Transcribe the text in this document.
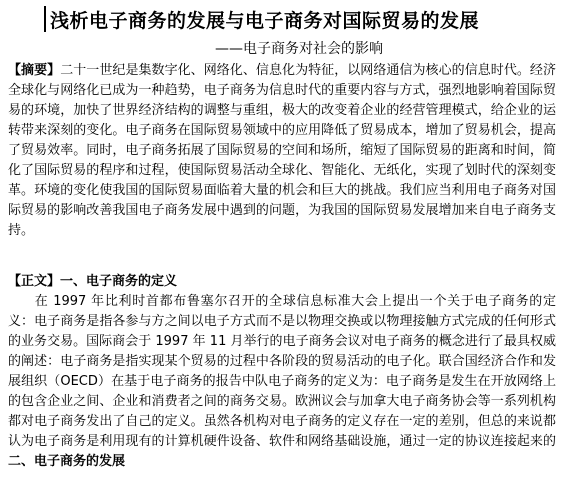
浅析电子商务的发展与电子商务对国际贸易的发展
——电子商务对社会的影响
【摘要】二十一世纪是集数字化、网络化、信息化为特征，以网络通信为核心的信息时代。经济全球化与网络化已成为一种趋势，电子商务为信息时代的重要内容与方式，强烈地影响着国际贸易的环境，加快了世界经济结构的调整与重组，极大的改变着企业的经营管理模式，给企业的运转带来深刻的变化。电子商务在国际贸易领域中的应用降低了贸易成本，增加了贸易机会，提高了贸易效率。同时，电子商务拓展了国际贸易的空间和场所，缩短了国际贸易的距离和时间，简化了国际贸易的程序和过程，使国际贸易活动全球化、智能化、无纸化，实现了划时代的深刻变革。环境的变化使我国的国际贸易面临着大量的机会和巨大的挑战。我们应当利用电子商务对国际贸易的影响改善我国电子商务发展中遇到的问题，为我国的国际贸易发展增加来自电子商务支持。
【正文】一、电子商务的定义
在 1997 年比利时首都布鲁塞尔召开的全球信息标准大会上提出一个关于电子商务的定义：电子商务是指各参与方之间以电子方式而不是以物理交换或以物理接触方式完成的任何形式的业务交易。国际商会于 1997 年 11 月举行的电子商务会议对电子商务的概念进行了最具权威的阐述：电子商务是指实现某个贸易的过程中各阶段的贸易活动的电子化。联合国经济合作和发展组织（OECD）在基于电子商务的报告中队电子商务的定义为：电子商务是发生在开放网络上的包含企业之间、企业和消费者之间的商务交易。欧洲议会与加拿大电子商务协会等一系列机构都对电子商务发出了自己的定义。虽然各机构对电子商务的定义存在一定的差别，但总的来说都认为电子商务是利用现有的计算机硬件设备、软件和网络基础设施，通过一定的协议连接起来的
二、电子商务的发展
